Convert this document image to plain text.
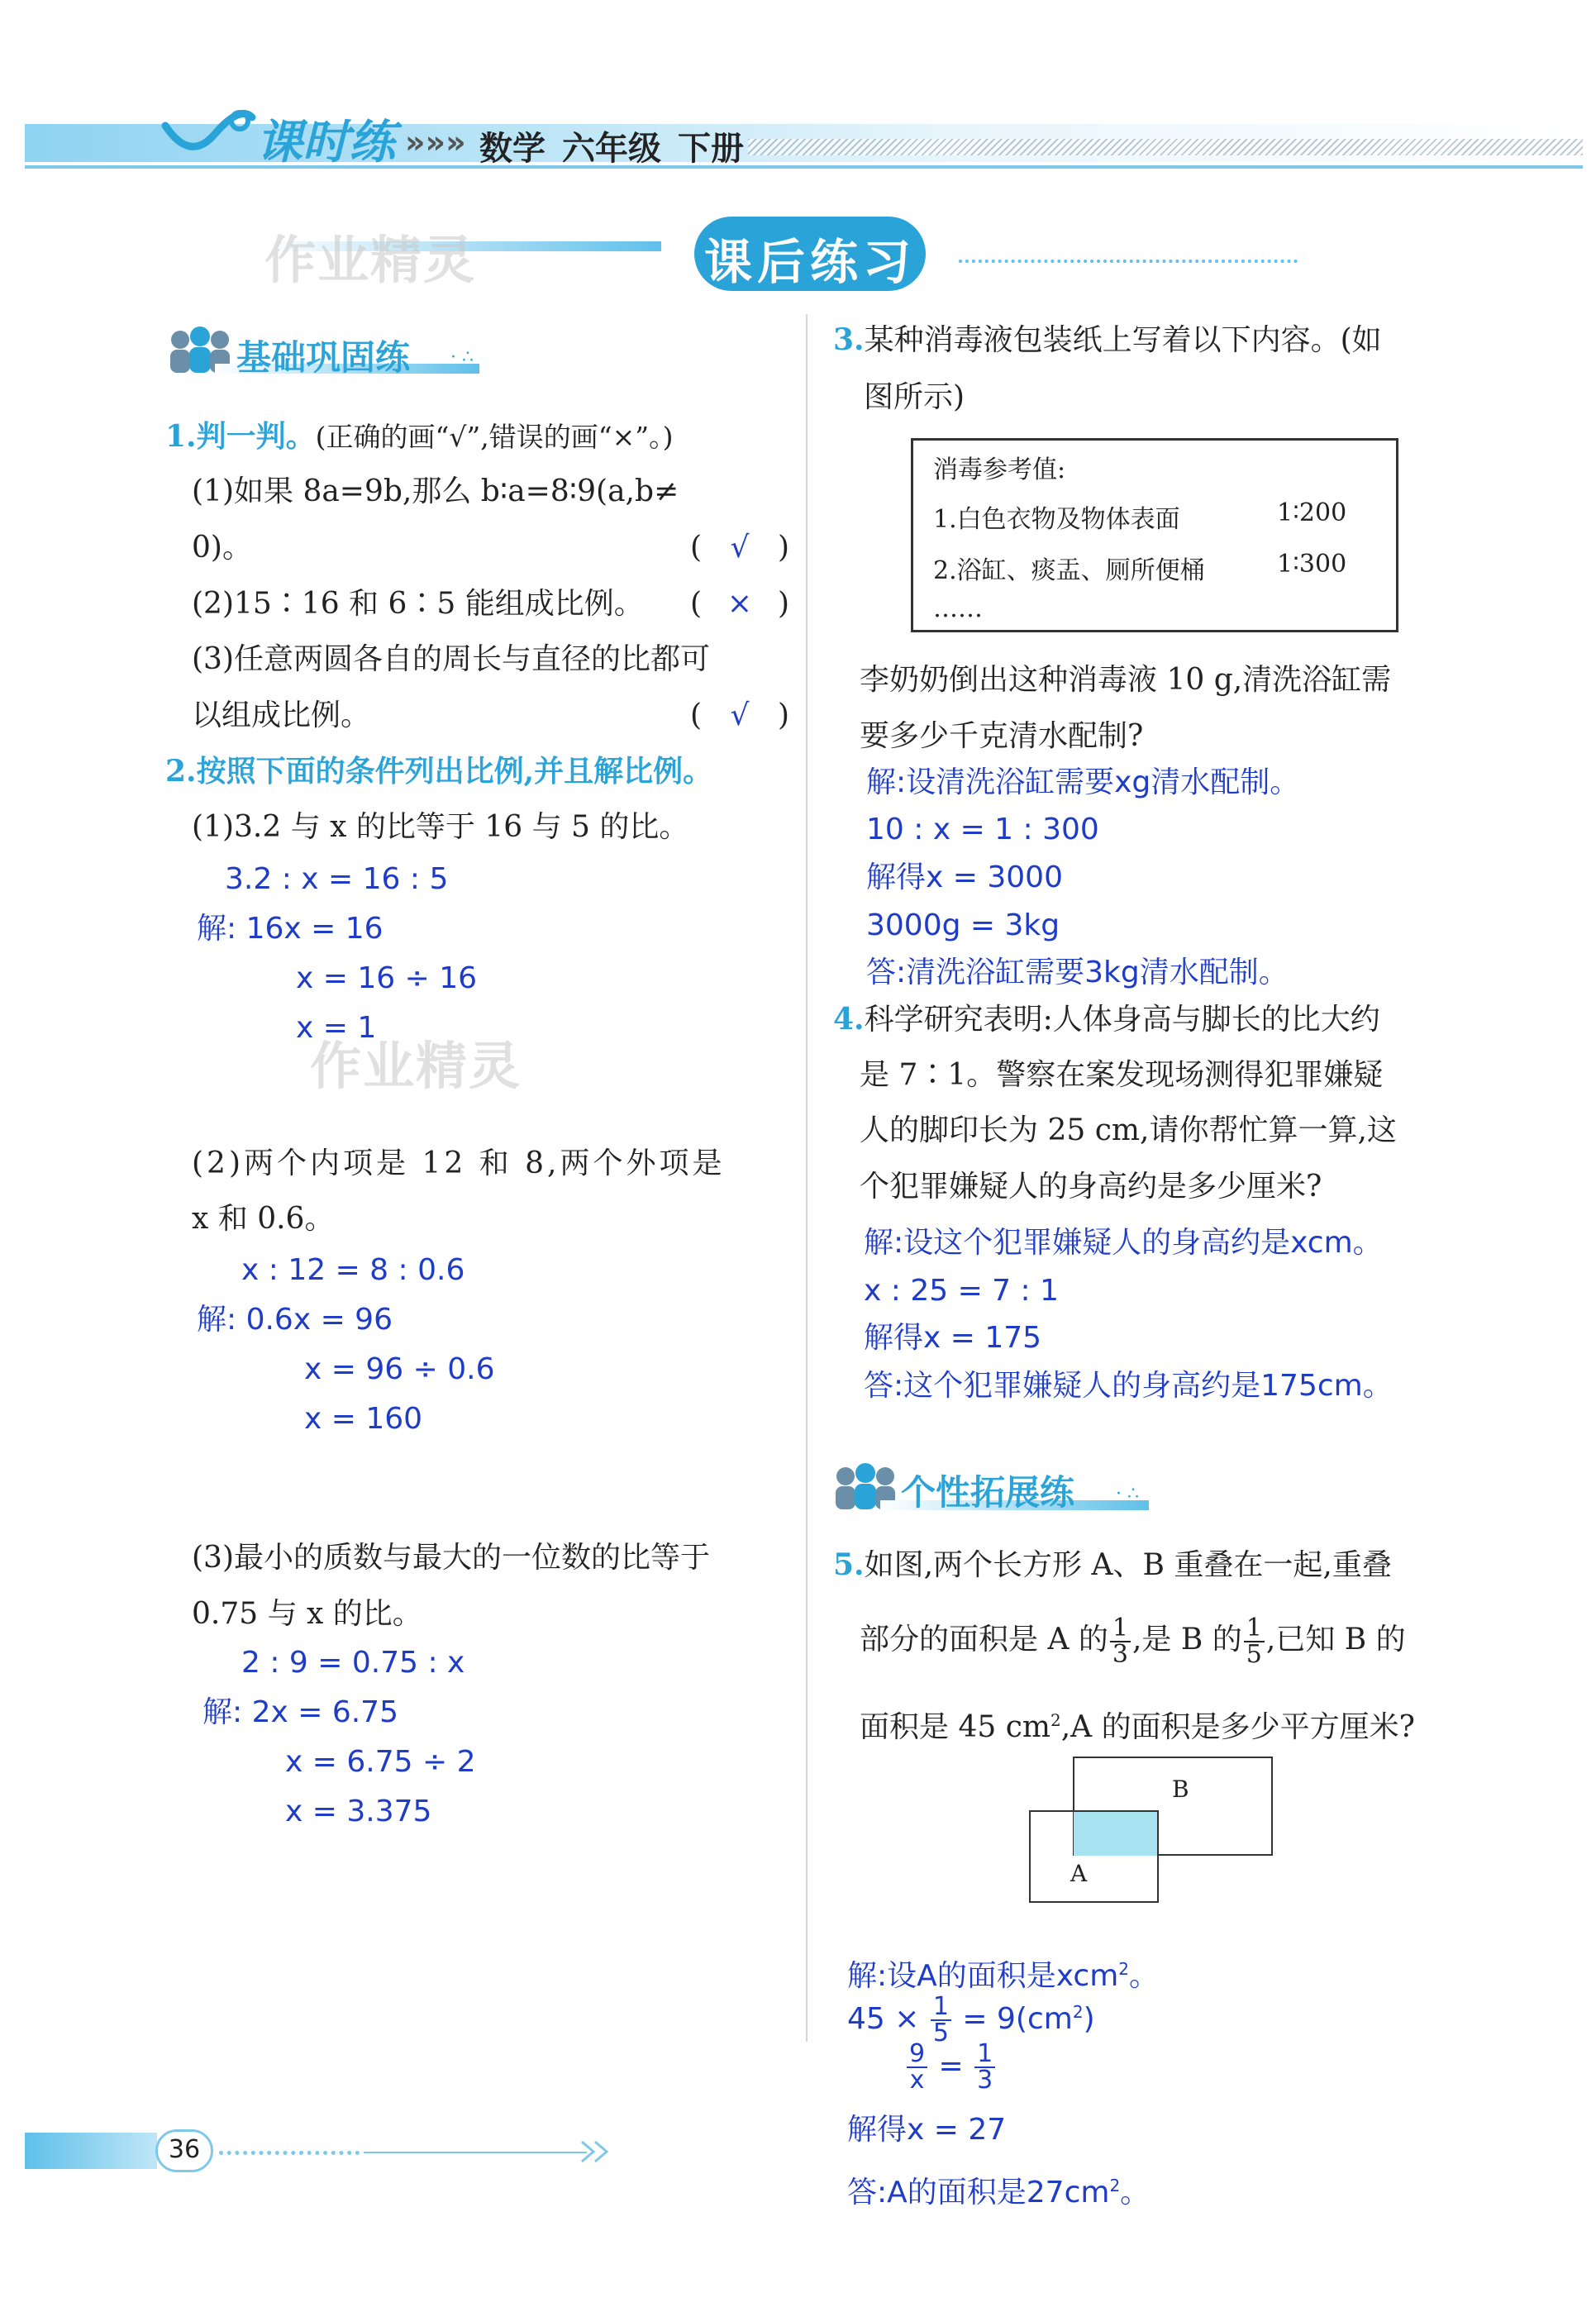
课时练 »»» 数学 六年级 下册
课后练习
作业精灵
基础巩固练 · ∴
1.判一判。(正确的画“√”,错误的画“×”。)
(1)如果 8a=9b,那么 b∶a=8∶9(a,b≠
0)。	( √ )
(2)15∶16 和 6∶5 能组成比例。 ( × )
(3)任意两圆各自的周长与直径的比都可
以组成比例。	( √ )
2.按照下面的条件列出比例,并且解比例。
(1)3.2 与 x 的比等于 16 与 5 的比。
3.2 : x = 16 : 5
解: 16x = 16
x = 16 ÷ 16
x = 1
作业精灵
(2)两个内项是 12 和 8,两个外项是
x 和 0.6。
x : 12 = 8 : 0.6
解: 0.6x = 96
x = 96 ÷ 0.6
x = 160
(3)最小的质数与最大的一位数的比等于
0.75 与 x 的比。
2 : 9 = 0.75 : x
解: 2x = 6.75
x = 6.75 ÷ 2
x = 3.375
3.某种消毒液包装纸上写着以下内容。(如
图所示)
消毒参考值:
1.白色衣物及物体表面	1∶200
2.浴缸、痰盂、厕所便桶	1∶300
……
李奶奶倒出这种消毒液 10 g,清洗浴缸需
要多少千克清水配制?
解:设清洗浴缸需要xg清水配制。
10 : x = 1 : 300
解得x = 3000
3000g = 3kg
答:清洗浴缸需要3kg清水配制。
4.科学研究表明:人体身高与脚长的比大约
是 7∶1。警察在案发现场测得犯罪嫌疑
人的脚印长为 25 cm,请你帮忙算一算,这
个犯罪嫌疑人的身高约是多少厘米?
解:设这个犯罪嫌疑人的身高约是xcm。
x : 25 = 7 : 1
解得x = 175
答:这个犯罪嫌疑人的身高约是175cm。
个性拓展练 · ∴
5.如图,两个长方形 A、B 重叠在一起,重叠
部分的面积是 A 的 $\frac{1}{3}$ ,是 B 的 $\frac{1}{5}$ ,已知 B 的
面积是 45 $cm^2,A$ 的面积是多少平方厘米?
B
A
解:设A的面积是xcm$^2$。
$45 \times \frac{1}{5} = 9(cm^2)$
$\frac{9}{x} = \frac{1}{3}$
解得x = 27
答:A的面积是$27cm^2$。
36
